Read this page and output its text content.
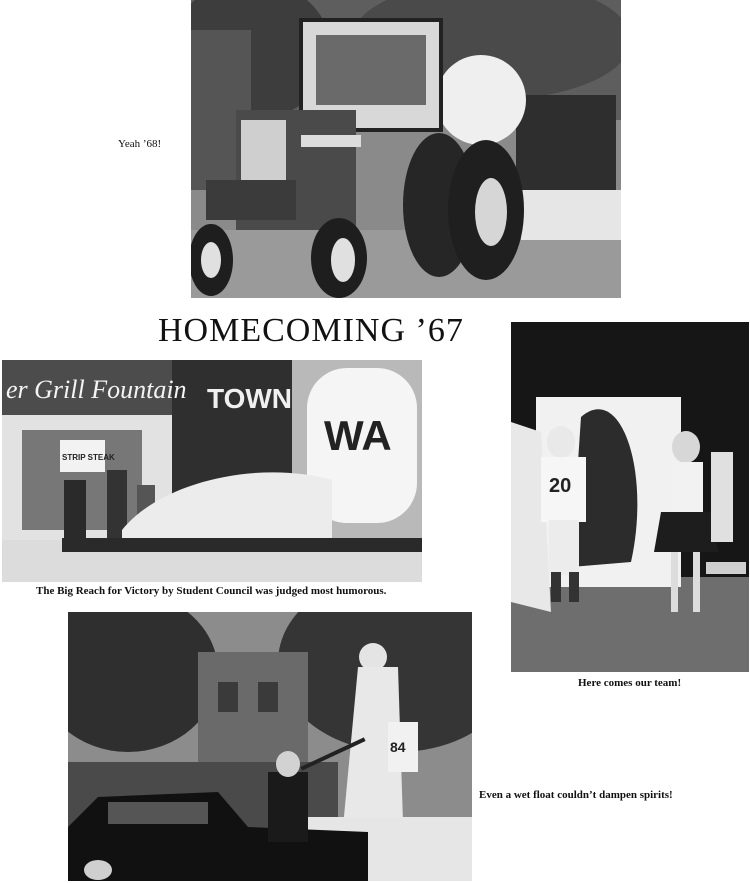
Yeah ’68!
HOMECOMING ’67
er Grill Fountain
STRIP STEAK
TOWN
WA
The Big Reach for Victory by Student Council was judged most humorous.
20
Here comes our team!
84
Even a wet float couldn’t dampen spirits!
